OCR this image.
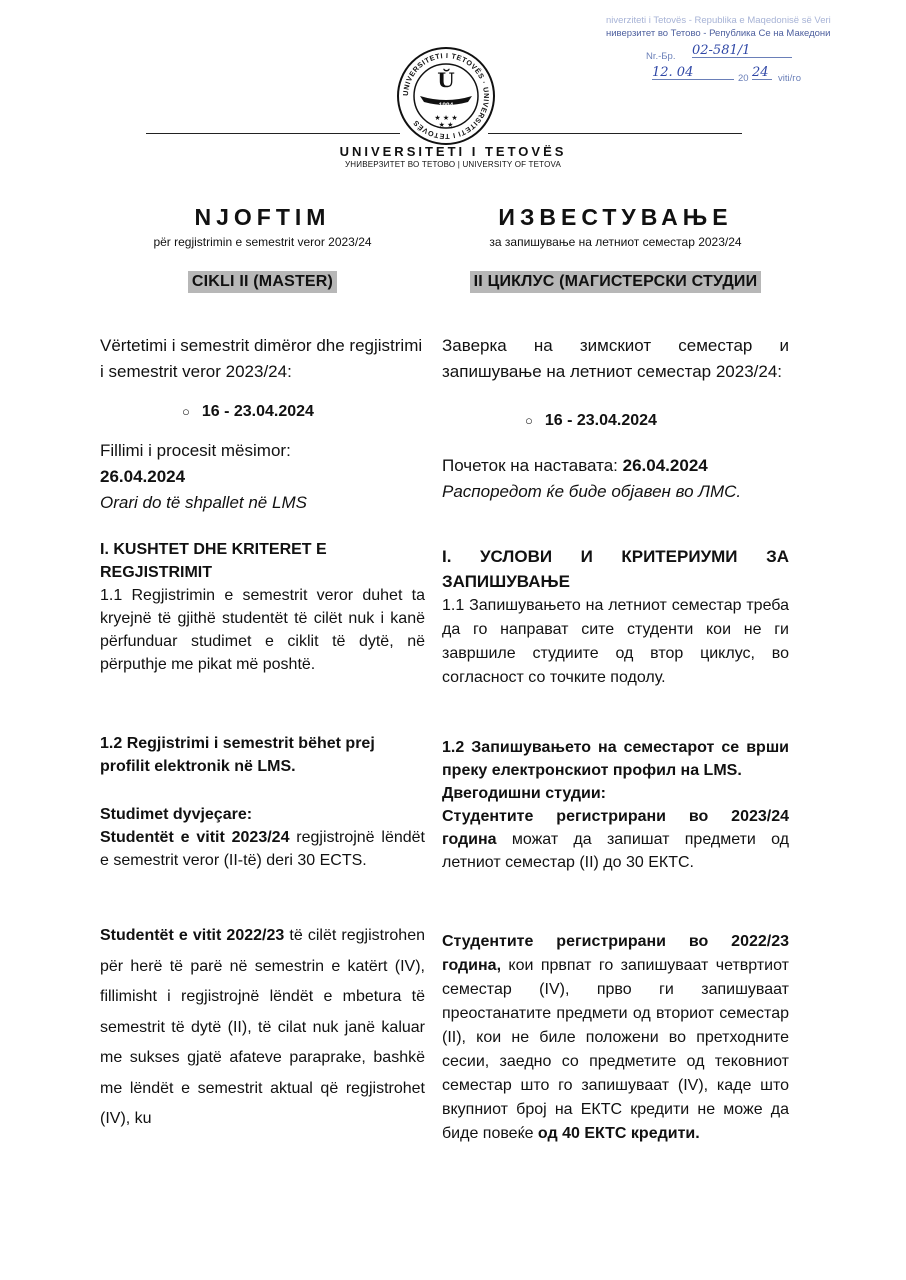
niverziteti i Tetovës - Republika e Maqedonisë së Veri
ниверзитет во Тетово - Република Се на Македони
Nr.-Бр. 02-581/1
12. 04	20 24 viti/гo
UNIVERSITETI I TETOVËS · UNIVERSITETI I TETOVËS
Ŭ
1994
★ ★ ★
★ ★
UNIVERSITETI I TETOVËS
УНИВЕРЗИТЕТ ВО ТЕТОВО | UNIVERSITY OF TETOVA
NJOFTIM
për regjistrimin e semestrit veror 2023/24
CIKLI II (MASTER)

Vërtetimi i semestrit dimëror dhe regjistrimi i semestrit veror 2023/24:

○ 16 - 23.04.2024

Fillimi i procesit mësimor:

26.04.2024

Orari do të shpallet në LMS

I. KUSHTET DHE KRITERET E REGJISTRIMIT

1.1 Regjistrimin e semestrit veror duhet ta kryejnë të gjithë studentët të cilët nuk i kanë përfunduar studimet e ciklit të dytë, në përputhje me pikat më poshtë.

1.2 Regjistrimi i semestrit bëhet prej profilit elektronik në LMS.

Studimet dyvjeçare:

Studentët e vitit 2023/24 regjistrojnë lëndët e semestrit veror (II-të) deri 30 ECTS.

Studentët e vitit 2022/23 të cilët regjistrohen për herë të parë në semestrin e katërt (IV), fillimisht i regjistrojnë lëndët e mbetura të semestrit të dytë (II), të cilat nuk janë kaluar me sukses gjatë afateve paraprake, bashkë me lëndët e semestrit aktual që regjistrohet (IV), ku

ИЗВЕСТУВАЊЕ
за запишување на летниот семестар 2023/24
II ЦИКЛУС (МАГИСТЕРСКИ СТУДИИ

Заверка на зимскиот семестар и запишување на летниот семестар 2023/24:

○ 16 - 23.04.2024

Почеток на наставата: 26.04.2024

Распоредот ќе биде објавен во ЛМС.

I. УСЛОВИ И КРИТЕРИУМИ ЗА ЗАПИШУВАЊЕ

1.1 Запишувањето на летниот семестар треба да го направат сите студенти кои не ги завршиле студиите од втор циклус, во согласност со точките подолу.

1.2 Запишувањето на семестарот се врши преку електронскиот профил на LMS.

Двегодишни студии:

Студентите регистрирани во 2023/24 година можат да запишат предмети од летниот семестар (II) до 30 ЕКТС.

Студентите регистрирани во 2022/23 година, кои првпат го запишуваат четвртиот семестар (IV), прво ги запишуваат преостанатите предмети од вториот семестар (II), кои не биле положени во претходните сесии, заедно со предметите од тековниот семестар што го запишуваат (IV), каде што вкупниот број на ЕКТС кредити не може да биде повеќе од 40 ЕКТС кредити.
